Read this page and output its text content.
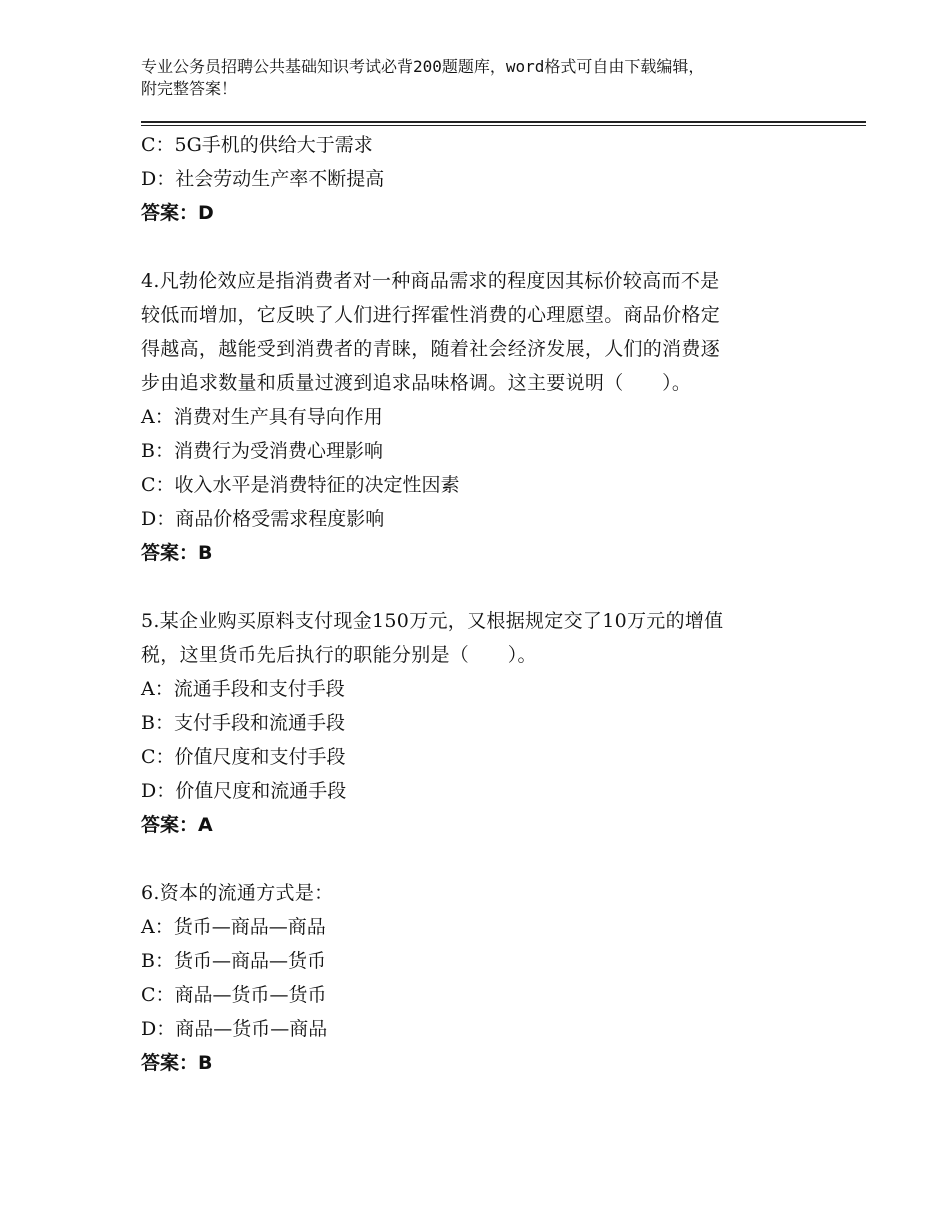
专业公务员招聘公共基础知识考试必背200题题库，word格式可自由下载编辑，
附完整答案！
C：5G手机的供给大于需求
D：社会劳动生产率不断提高
答案：D
4.凡勃伦效应是指消费者对一种商品需求的程度因其标价较高而不是
较低而增加，它反映了人们进行挥霍性消费的心理愿望。商品价格定
得越高，越能受到消费者的青睐，随着社会经济发展，人们的消费逐
步由追求数量和质量过渡到追求品味格调。这主要说明（　　）。
A：消费对生产具有导向作用
B：消费行为受消费心理影响
C：收入水平是消费特征的决定性因素
D：商品价格受需求程度影响
答案：B
5.某企业购买原料支付现金150万元，又根据规定交了10万元的增值
税，这里货币先后执行的职能分别是（　　）。
A：流通手段和支付手段
B：支付手段和流通手段
C：价值尺度和支付手段
D：价值尺度和流通手段
答案：A
6.资本的流通方式是：
A：货币—商品—商品
B：货币—商品—货币
C：商品—货币—货币
D：商品—货币—商品
答案：B
